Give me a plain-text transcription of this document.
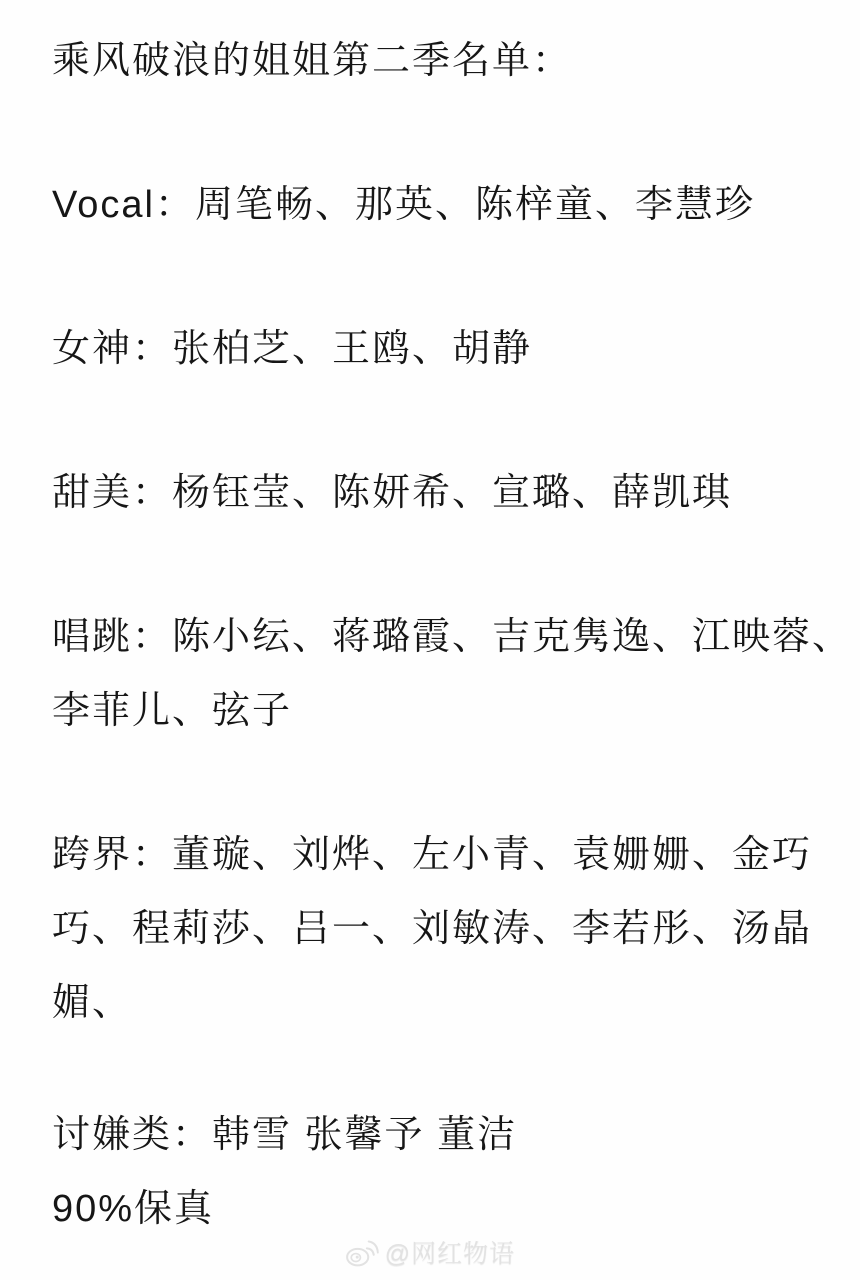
乘风破浪的姐姐第二季名单：

Vocal：周笔畅、那英、陈梓童、李慧珍

女神：张柏芝、王鸥、胡静

甜美：杨钰莹、陈妍希、宣璐、薛凯琪

唱跳：陈小纭、蒋璐霞、吉克隽逸、江映蓉、
李菲儿、弦子

跨界：董璇、刘烨、左小青、袁姗姗、金巧
巧、程莉莎、吕一、刘敏涛、李若彤、汤晶
媚、

讨嫌类：韩雪 张馨予 董洁
90%保真

@网红物语
